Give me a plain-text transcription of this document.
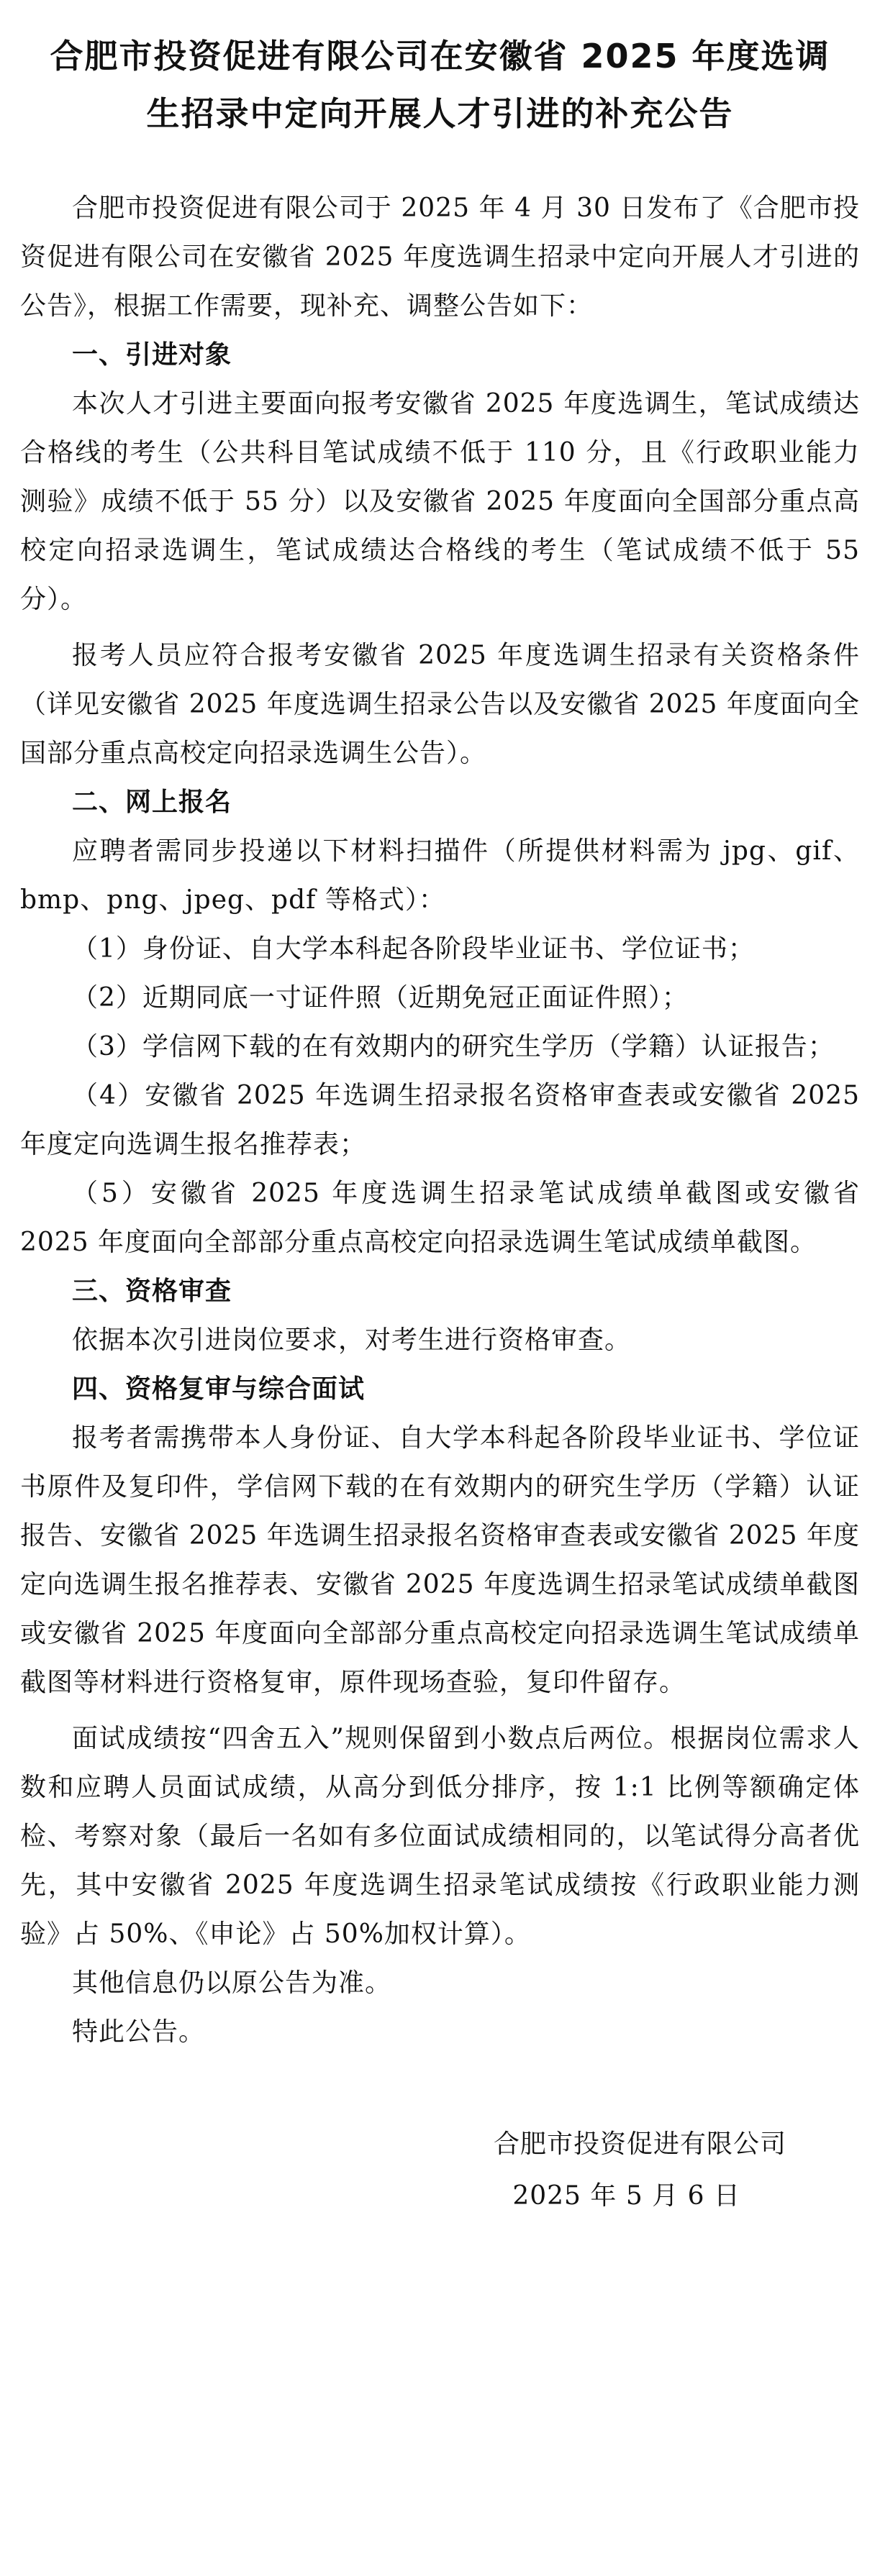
合肥市投资促进有限公司在安徽省 2025 年度选调
生招录中定向开展人才引进的补充公告

合肥市投资促进有限公司于 2025 年 4 月 30 日发布了《合肥市投资促进有限公司在安徽省 2025 年度选调生招录中定向开展人才引进的公告》，根据工作需要，现补充、调整公告如下：

一、引进对象

本次人才引进主要面向报考安徽省 2025 年度选调生，笔试成绩达合格线的考生（公共科目笔试成绩不低于 110 分，且《行政职业能力测验》成绩不低于 55 分）以及安徽省 2025 年度面向全国部分重点高校定向招录选调生，笔试成绩达合格线的考生（笔试成绩不低于 55 分）。

报考人员应符合报考安徽省 2025 年度选调生招录有关资格条件（详见安徽省 2025 年度选调生招录公告以及安徽省 2025 年度面向全国部分重点高校定向招录选调生公告）。

二、网上报名

应聘者需同步投递以下材料扫描件（所提供材料需为 jpg、gif、bmp、png、jpeg、pdf 等格式）：

（1）身份证、自大学本科起各阶段毕业证书、学位证书；

（2）近期同底一寸证件照（近期免冠正面证件照）；

（3）学信网下载的在有效期内的研究生学历（学籍）认证报告；

（4）安徽省 2025 年选调生招录报名资格审查表或安徽省 2025 年度定向选调生报名推荐表；

（5）安徽省 2025 年度选调生招录笔试成绩单截图或安徽省 2025 年度面向全部部分重点高校定向招录选调生笔试成绩单截图。

三、资格审查

依据本次引进岗位要求，对考生进行资格审查。

四、资格复审与综合面试

报考者需携带本人身份证、自大学本科起各阶段毕业证书、学位证书原件及复印件，学信网下载的在有效期内的研究生学历（学籍）认证报告、安徽省 2025 年选调生招录报名资格审查表或安徽省 2025 年度定向选调生报名推荐表、安徽省 2025 年度选调生招录笔试成绩单截图或安徽省 2025 年度面向全部部分重点高校定向招录选调生笔试成绩单截图等材料进行资格复审，原件现场查验，复印件留存。

面试成绩按“四舍五入”规则保留到小数点后两位。根据岗位需求人数和应聘人员面试成绩，从高分到低分排序，按 1:1 比例等额确定体检、考察对象（最后一名如有多位面试成绩相同的，以笔试得分高者优先，其中安徽省 2025 年度选调生招录笔试成绩按《行政职业能力测验》占 50%、《申论》占 50%加权计算）。

其他信息仍以原公告为准。

特此公告。

合肥市投资促进有限公司
2025 年 5 月 6 日
